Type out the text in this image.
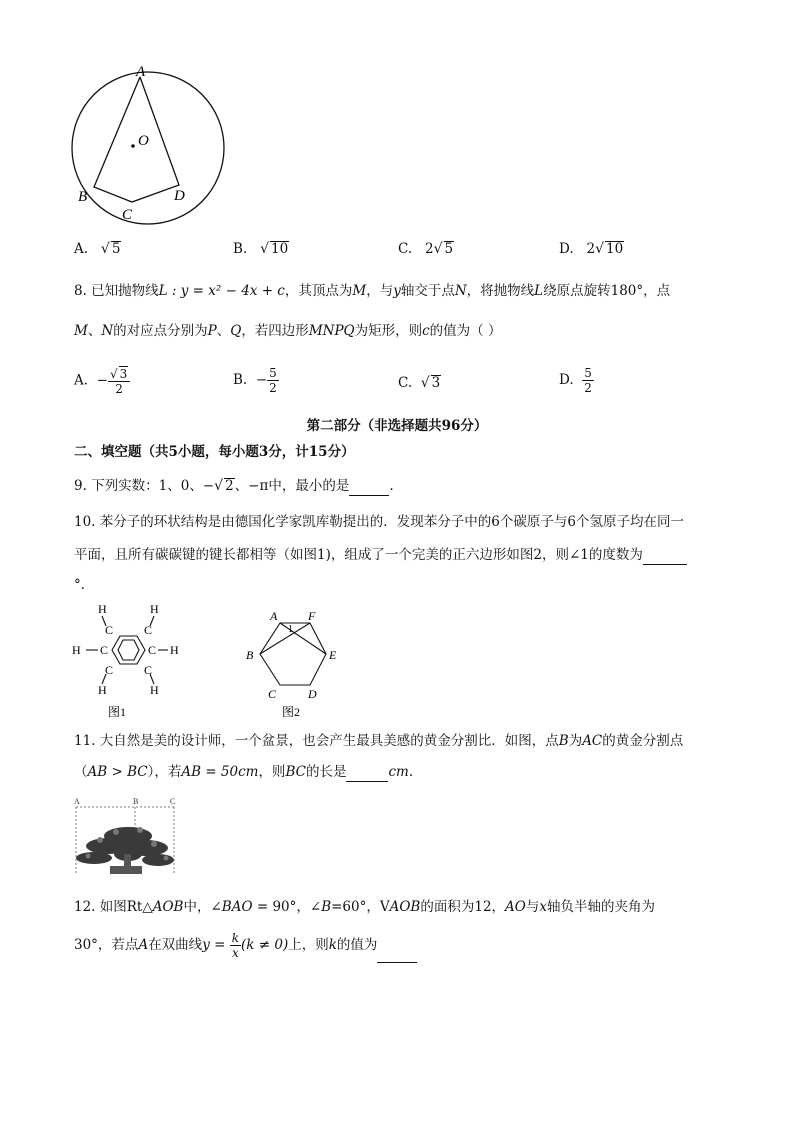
A
O
B	D
C
A. √ 5	B. √ 10	C. 2√ 5	D. 2√ 10
8. 已知抛物线L : y = x² − 4x + c，其顶点为M，与y轴交于点N，将抛物线L绕原点旋转180°，点
M、N的对应点分别为P、Q，若四边形MNPQ为矩形，则c的值为（ ）
A. − $\frac{√ 3}{2}$	B. − $\frac{5}{2}$	C. √ 3	D. $\frac{5}{2}$
第二部分（非选择题共96分）
二、填空题（共5小题，每小题3分，计15分）
9. 下列实数：1、0、−√ 2、−π中，最小的是	.
10. 苯分子的环状结构是由德国化学家凯库勒提出的．发现苯分子中的6个碳原子与6个氢原子均在同一
平面，且所有碳碳键的键长都相等（如图1)，组成了一个完美的正六边形如图2，则∠1的度数为
°．
H	H
C	C
H C	C H
C	C
H	H
图1
A	F
1
B	E
C	D
图2
11. 大自然是美的设计师，一个盆景，也会产生最具美感的黄金分割比．如图，点B为AC的黄金分割点
（AB > BC），若AB = 50cm，则BC的长是	cm.
A	B	C
12. 如图Rt△AOB中，∠BAO = 90°，∠B=60°，VAOB的面积为12，AO与x轴负半轴的夹角为
30°，若点A在双曲线$y = \frac{k}{x} (k \ne 0)$上，则k的值为
